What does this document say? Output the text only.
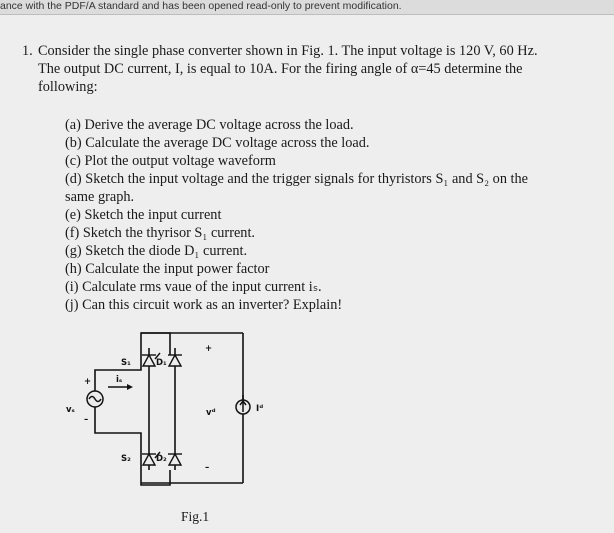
ance with the PDF/A standard and has been opened read-only to prevent modification.
1. Consider the single phase converter shown in Fig. 1. The input voltage is 120 V, 60 Hz.
The output DC current, I, is equal to 10A. For the firing angle of α=45 determine the
following:
(a) Derive the average DC voltage across the load.
(b) Calculate the average DC voltage across the load.
(c) Plot the output voltage waveform
(d) Sketch the input voltage and the trigger signals for thyristors S₁ and S₂ on the
same graph.
(e) Sketch the input current
(f) Sketch the thyrisor S₁ current.
(g) Sketch the diode D₁ current.
(h) Calculate the input power factor
(i) Calculate rms vaue of the input current iₛ.
(j) Can this circuit work as an inverter? Explain!
S₁	D₁
S₂	D₂
vₛ
iₛ
vᵈ	Iᵈ
+
–
+
–
Fig.1
